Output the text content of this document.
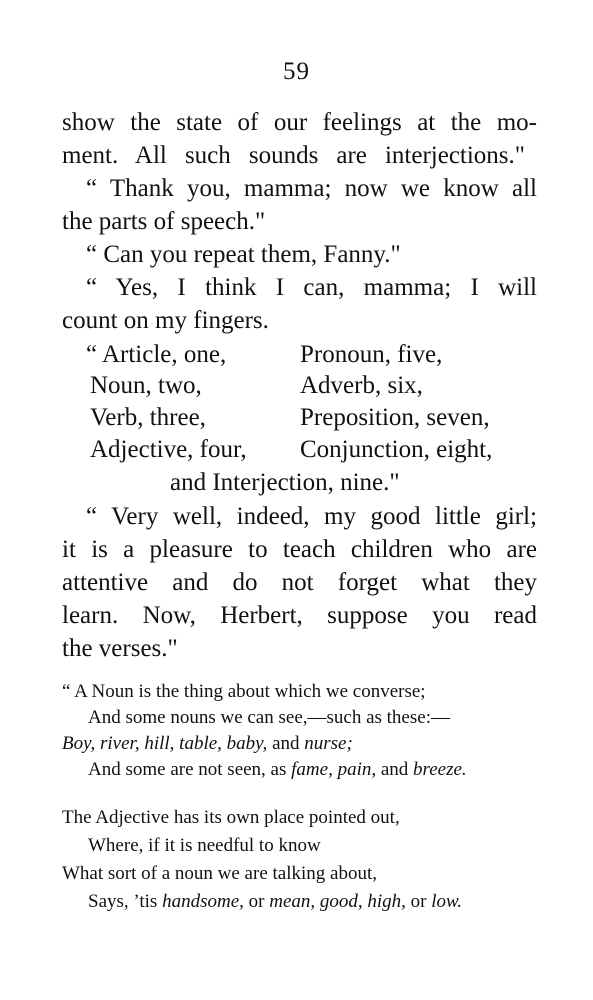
59
show the state of our feelings at the mo-
ment. All such sounds are interjections."
“ Thank you, mamma; now we know all
the parts of speech."
“ Can you repeat them, Fanny."
“ Yes, I think I can, mamma; I will
count on my fingers.
“ Article, one,	Pronoun, five,
Noun, two,	Adverb, six,
Verb, three,	Preposition, seven,
Adjective, four, Conjunction, eight,
and Interjection, nine."
“ Very well, indeed, my good little girl;
it is a pleasure to teach children who are
attentive and do not forget what they
learn. Now, Herbert, suppose you read
the verses."
“ A Noun is the thing about which we converse;
And some nouns we can see,—such as these:—
Boy, river, hill, table, baby, and nurse;
And some are not seen, as fame, pain, and breeze.
The Adjective has its own place pointed out,
Where, if it is needful to know
What sort of a noun we are talking about,
Says, ’tis handsome, or mean, good, high, or low.
